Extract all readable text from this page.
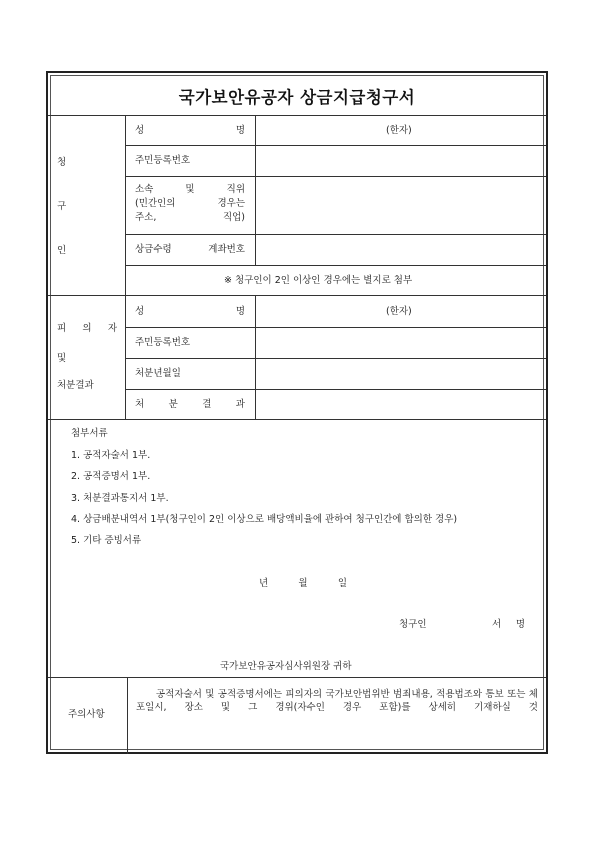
국가보안유공자 상금지급청구서
청
구
인
성	명	(한자)
주민등록번호
소속	및	직위
(민간인의	경우는
주소,	직업)
상금수령	계좌번호
※ 청구인이 2인 이상인 경우에는 별지로 첨부
피 의 자
및
처분결과
성	명	(한자)
주민등록번호
처분년월일
처	분	결	과
첨부서류
1. 공적자술서 1부.
2. 공적증명서 1부.
3. 처분결과통지서 1부.
4. 상금배분내역서 1부(청구인이 2인 이상으로 배당액비율에 관하여 청구인간에 합의한 경우)
5. 기타 증빙서류
년	월	일
청구인	서 명
국가보안유공자심사위원장 귀하
주의사항
공적자술서 및 공적증명서에는 피의자의 국가보안법위반 범죄내용, 적용법조와 통보 또는 체포일시, 장소 및 그 경위(자수인 경우 포함)를 상세히 기재하실 것
